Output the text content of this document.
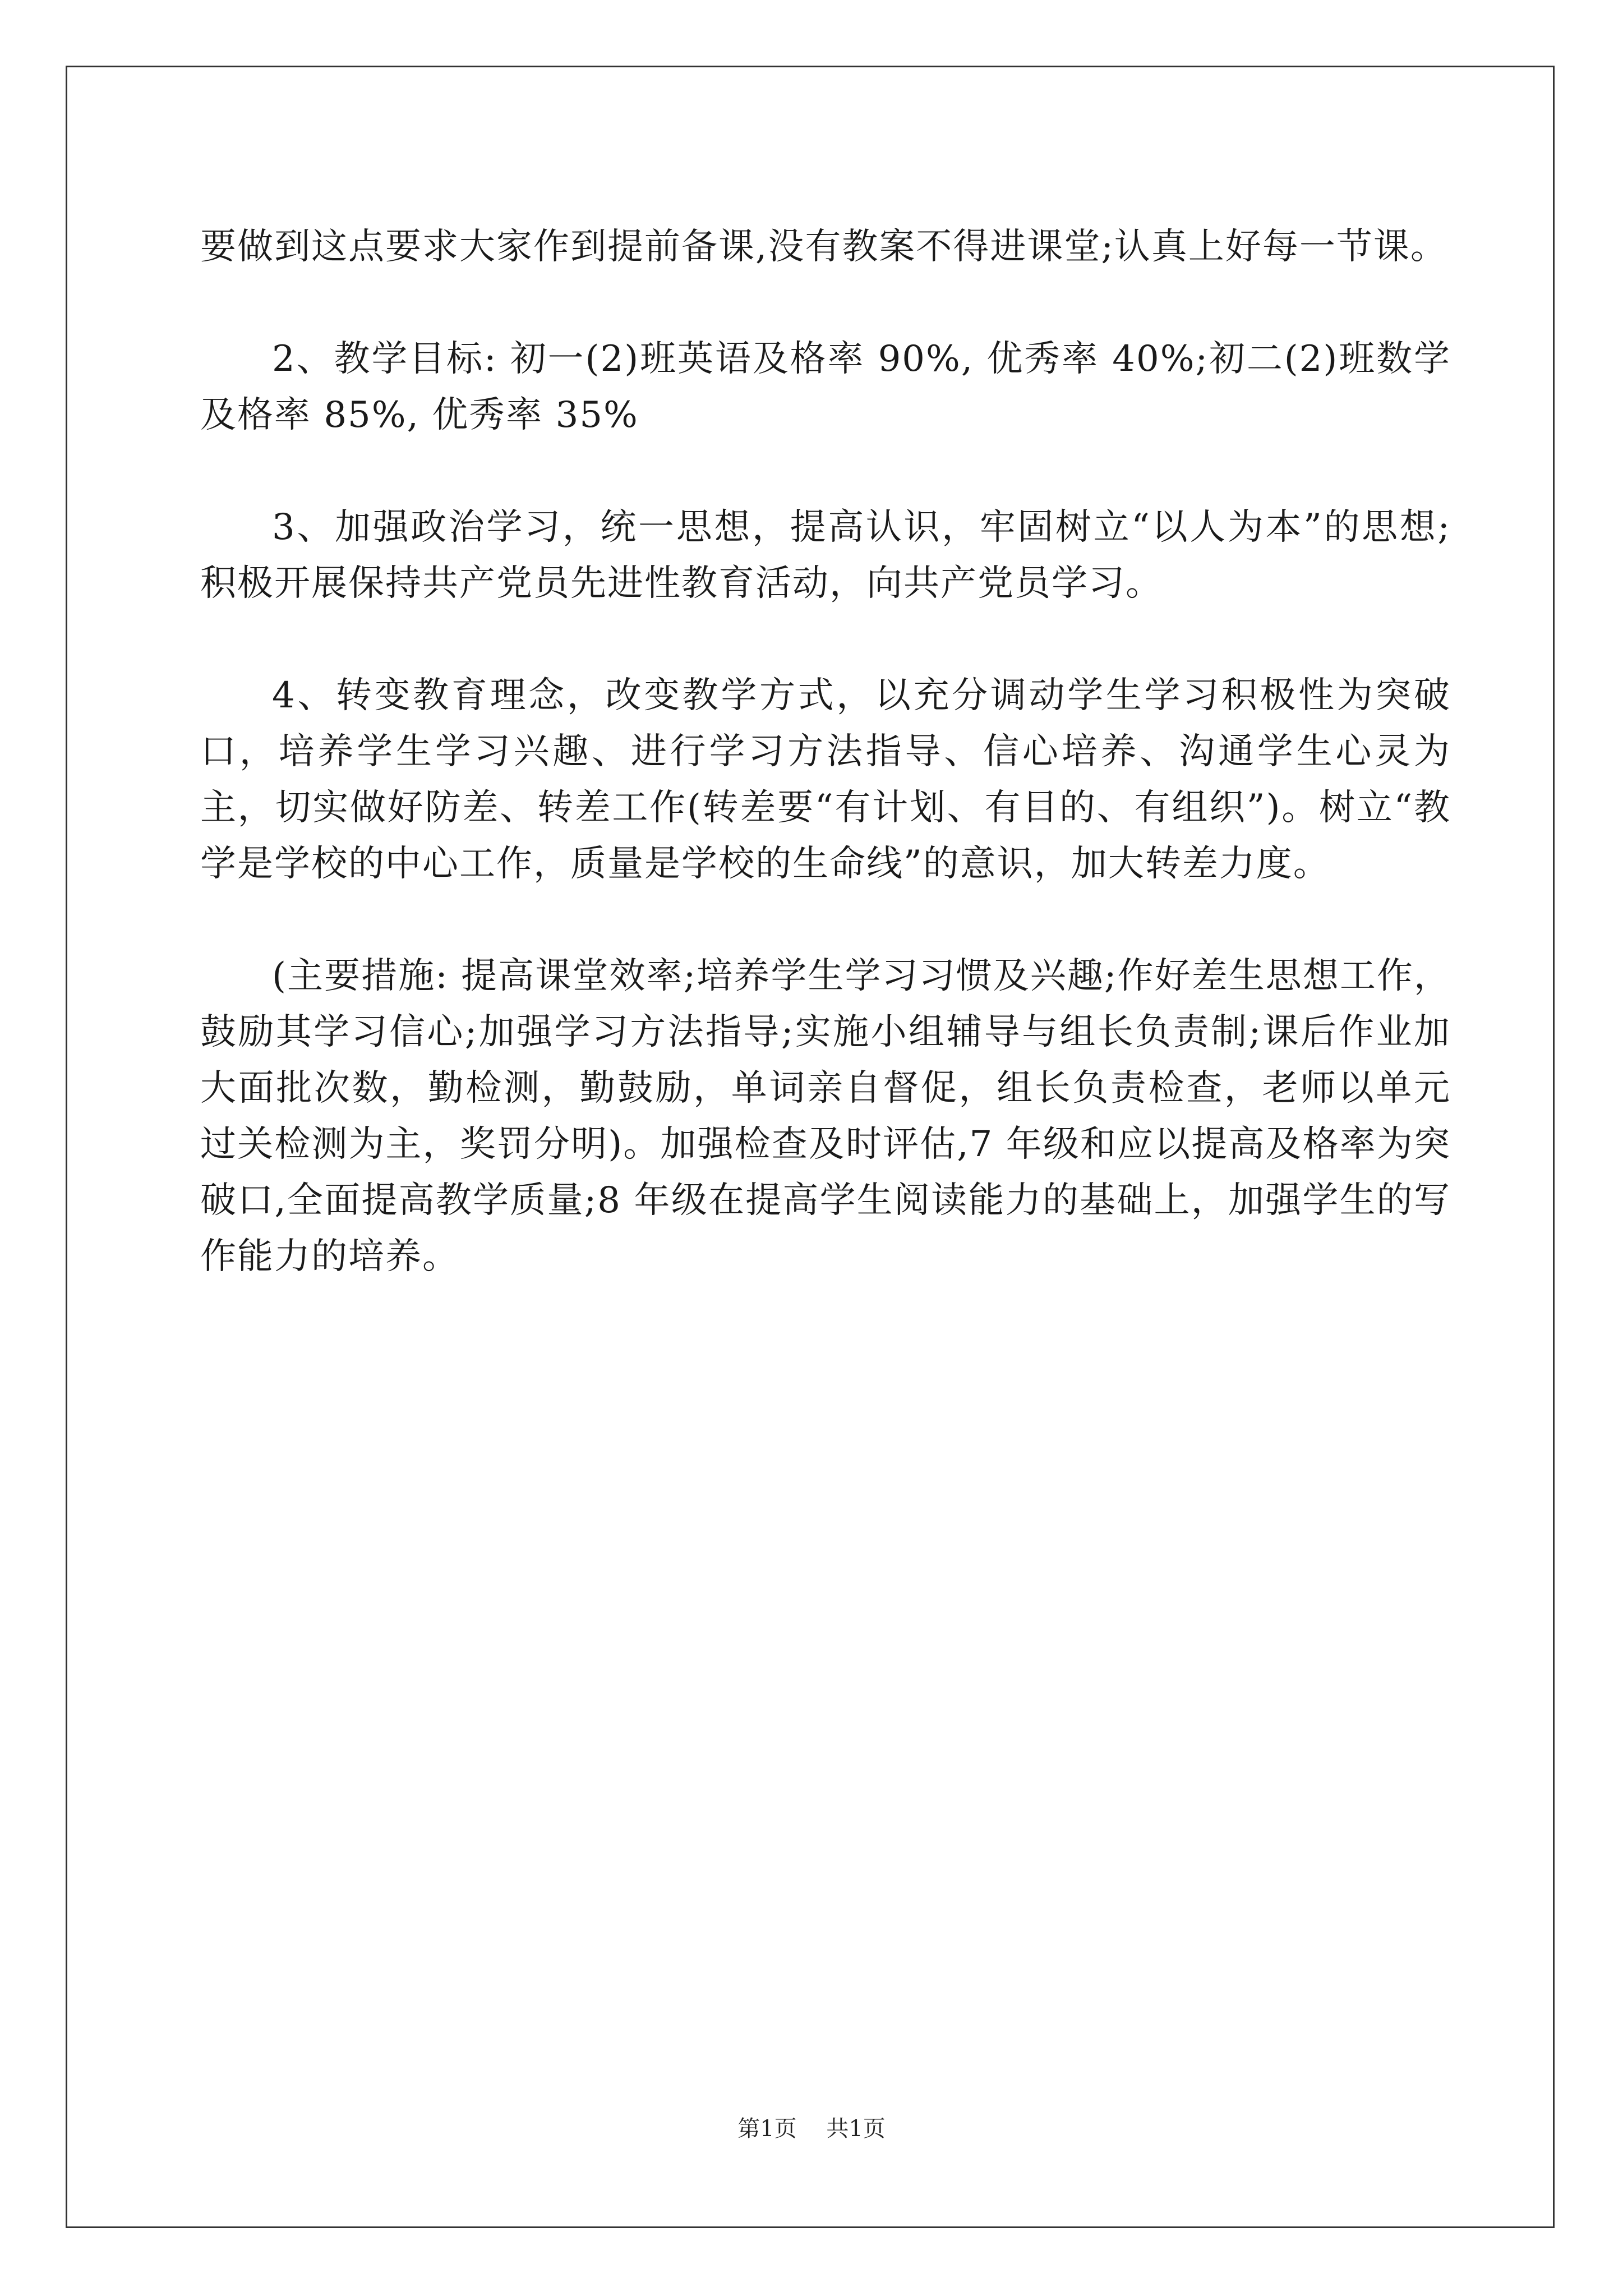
要做到这点要求大家作到提前备课,没有教案不得进课堂;认真上好每一节课。

2、教学目标: 初一(2)班英语及格率 90%, 优秀率 40%;初二(2)班数学及格率 85%, 优秀率 35%

3、加强政治学习，统一思想，提高认识，牢固树立“以人为本”的思想;积极开展保持共产党员先进性教育活动，向共产党员学习。

4、转变教育理念，改变教学方式，以充分调动学生学习积极性为突破口，培养学生学习兴趣、进行学习方法指导、信心培养、沟通学生心灵为主，切实做好防差、转差工作(转差要“有计划、有目的、有组织”)。树立“教学是学校的中心工作，质量是学校的生命线”的意识，加大转差力度。

(主要措施: 提高课堂效率;培养学生学习习惯及兴趣;作好差生思想工作，鼓励其学习信心;加强学习方法指导;实施小组辅导与组长负责制;课后作业加大面批次数，勤检测，勤鼓励，单词亲自督促，组长负责检查，老师以单元过关检测为主，奖罚分明)。加强检查及时评估,7 年级和应以提高及格率为突破口,全面提高教学质量;8 年级在提高学生阅读能力的基础上，加强学生的写作能力的培养。

第1页 共1页
